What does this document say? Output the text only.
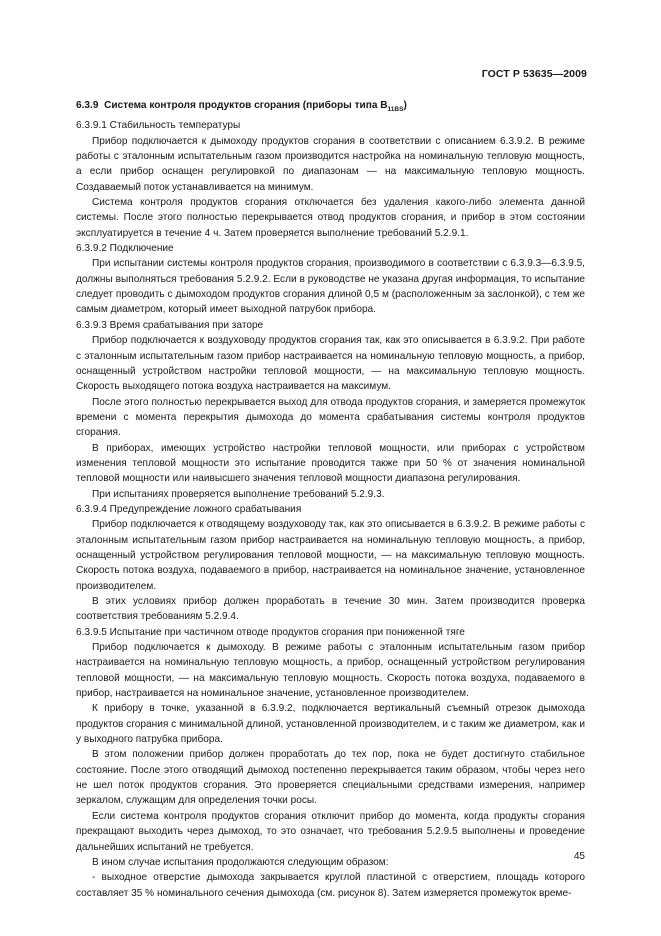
ГОСТ Р 53635—2009

6.3.9 Система контроля продуктов сгорания (приборы типа $B_{11BS}$)

6.3.9.1 Стабильность температуры

Прибор подключается к дымоходу продуктов сгорания в соответствии с описанием 6.3.9.2. В режиме работы с эталонным испытательным газом производится настройка на номинальную тепловую мощность, а если прибор оснащен регулировкой по диапазонам — на максимальную тепловую мощность. Создаваемый поток устанавливается на минимум.

Система контроля продуктов сгорания отключается без удаления какого-либо элемента данной системы. После этого полностью перекрывается отвод продуктов сгорания, и прибор в этом состоянии эксплуатируется в течение 4 ч. Затем проверяется выполнение требований 5.2.9.1.

6.3.9.2 Подключение

При испытании системы контроля продуктов сгорания, производимого в соответствии с 6.3.9.3—6.3.9.5, должны выполняться требования 5.2.9.2. Если в руководстве не указана другая информация, то испытание следует проводить с дымоходом продуктов сгорания длиной 0,5 м (расположенным за заслонкой), с тем же самым диаметром, который имеет выходной патрубок прибора.

6.3.9.3 Время срабатывания при заторе

Прибор подключается к воздуховоду продуктов сгорания так, как это описывается в 6.3.9.2. При работе с эталонным испытательным газом прибор настраивается на номинальную тепловую мощность, а прибор, оснащенный устройством настройки тепловой мощности, — на максимальную тепловую мощность. Скорость выходящего потока воздуха настраивается на максимум.

После этого полностью перекрывается выход для отвода продуктов сгорания, и замеряется промежуток времени с момента перекрытия дымохода до момента срабатывания системы контроля продуктов сгорания.

В приборах, имеющих устройство настройки тепловой мощности, или приборах с устройством изменения тепловой мощности это испытание проводится также при 50 % от значения номинальной тепловой мощности или наивысшего значения тепловой мощности диапазона регулирования.

При испытаниях проверяется выполнение требований 5.2.9.3.

6.3.9.4 Предупреждение ложного срабатывания

Прибор подключается к отводящему воздуховоду так, как это описывается в 6.3.9.2. В режиме работы с эталонным испытательным газом прибор настраивается на номинальную тепловую мощность, а прибор, оснащенный устройством регулирования тепловой мощности, — на максимальную тепловую мощность. Скорость потока воздуха, подаваемого в прибор, настраивается на номинальное значение, установленное производителем.

В этих условиях прибор должен проработать в течение 30 мин. Затем производится проверка соответствия требованиям 5.2.9.4.

6.3.9.5 Испытание при частичном отводе продуктов сгорания при пониженной тяге

Прибор подключается к дымоходу. В режиме работы с эталонным испытательным газом прибор настраивается на номинальную тепловую мощность, а прибор, оснащенный устройством регулирования тепловой мощности, — на максимальную тепловую мощность. Скорость потока воздуха, подаваемого в прибор, настраивается на номинальное значение, установленное производителем.

К прибору в точке, указанной в 6.3.9.2, подключается вертикальный съемный отрезок дымохода продуктов сгорания с минимальной длиной, установленной производителем, и с таким же диаметром, как и у выходного патрубка прибора.

В этом положении прибор должен проработать до тех пор, пока не будет достигнуто стабильное состояние. После этого отводящий дымоход постепенно перекрывается таким образом, чтобы через него не шел поток продуктов сгорания. Это проверяется специальными средствами измерения, например зеркалом, служащим для определения точки росы.

Если система контроля продуктов сгорания отключит прибор до момента, когда продукты сгорания прекращают выходить через дымоход, то это означает, что требования 5.2.9.5 выполнены и проведение дальнейших испытаний не требуется.

В ином случае испытания продолжаются следующим образом:

- выходное отверстие дымохода закрывается круглой пластиной с отверстием, площадь которого составляет 35 % номинального сечения дымохода (см. рисунок 8). Затем измеряется промежуток време-

45
